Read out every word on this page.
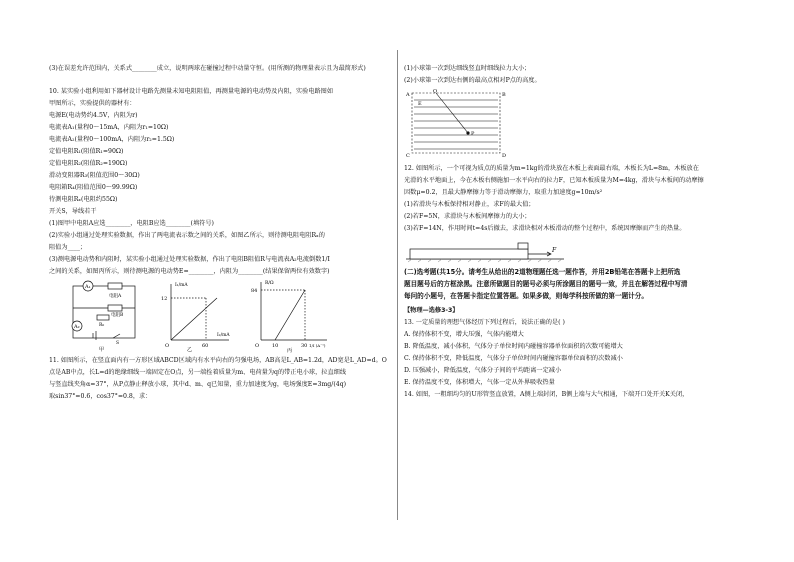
(3)在误差允许范围内，关系式________成立，说明两球在碰撞过程中动量守恒。(用所测的物理量表示且为最简形式)
10. 某实验小组利用如下器材设计电路先测量未知电阻阻值，再测量电源的电动势及内阻，实验电路图如
甲图所示，实验提供的器材有：
电源E(电动势约4.5V，内阻为r)
电流表A₁(量程0～15mA，内阻为r₁=10Ω)
电流表A₂(量程0～100mA，内阻为r₂=1.5Ω)
定值电阻R₁(阻值R₁=90Ω)
定值电阻R₂(阻值R₂=190Ω)
滑动变阻器R₃(阻值范围0～30Ω)
电阻箱R₄(阻值范围0～99.99Ω)
待测电阻Rₓ(电阻约55Ω)
开关S，导线若干
(1)图甲中电阻A应选________，电阻B应选________(填符号)
(2)实验小组通过处理实验数据，作出了两电流表示数之间的关系，如图乙所示，则待测电阻电阻Rₓ的
阻值为____；
(3)测电源电动势和内阻时，某实验小组通过处理实验数据，作出了电阻B阻值R与电流表A₂电流倒数1/I
之间的关系，如图丙所示，则待测电源的电动势E=________，内阻为________(结果保留两位有效数字)
A₁
A₂
电阻A
电阻B
R₀
S
甲
I₁/mA
I₂/mA
12
60
O
乙
R/Ω
1/I (A⁻¹)
84
10	30
O
丙
11. 如图所示，在竖直面内有一方形区域ABCD区域内有水平向右的匀强电场，AB高是L_AB=1.2d，AD宽是L_AD=d。O
点是AB中点，长L=d的绝缘细线一端固定在O点，另一端拴着质量为m、电荷量为q的带正电小球，拉直细线
与竖直线夹角α=37°，从P点静止释放小球，其中d、m、q已知量，重力加速度为g，电场强度E=3mg/(4q)
取sin37°=0.6，cos37°=0.8，求：
(1)小球第一次到达细线竖直时细线拉力大小；
(2)小球第一次到达右侧的最高点相对P点的高度。
A	B
C	D
O
P
E
12. 如图所示，一个可视为质点的质量为m=1kg的滑块放在木板上表面最右端，木板长为L=8m，木板放在
光滑的水平地面上，今在木板右侧施加一水平向右的拉力F，已知木板质量为M=4kg，滑块与木板间的动摩擦
因数μ=0.2，且最大静摩擦力等于滑动摩擦力，取重力加速度g=10m/s²
(1)若滑块与木板保持相对静止，求F的最大值；
(2)若F=5N，求滑块与木板间摩擦力的大小；
(3)若F=14N，作用时间t=4s后撤去，求滑块相对木板滑动的整个过程中，系统因摩擦而产生的热量。
F
(二)选考题(共15分。请考生从给出的2道物理题任选一题作答，并用2B铅笔在答题卡上把所选
题目题号后的方框涂黑。注意所做题目的题号必须与所涂题目的题号一致，并且在解答过程中写清
每问的小题号，在答题卡指定位置答题。如果多做，则每学科按所做的第一题计分。
【物理—选修3-3】
13. 一定质量的理想气体经历下列过程后，说法正确的是( )
A. 保持体积不变，增大压强，气体内能增大
B. 降低温度，减小体积，气体分子单位时间内碰撞容器单位面积的次数可能增大
C. 保持体积不变，降低温度，气体分子单位时间内碰撞容器单位面积的次数减小
D. 压强减小，降低温度，气体分子间的平均距离一定减小
E. 保持温度不变，体积增大，气体一定从外界吸收热量
14. 如图，一粗细均匀的U形管竖直放置，A侧上端封闭，B侧上端与大气相通，下端开口处开关K关闭，
